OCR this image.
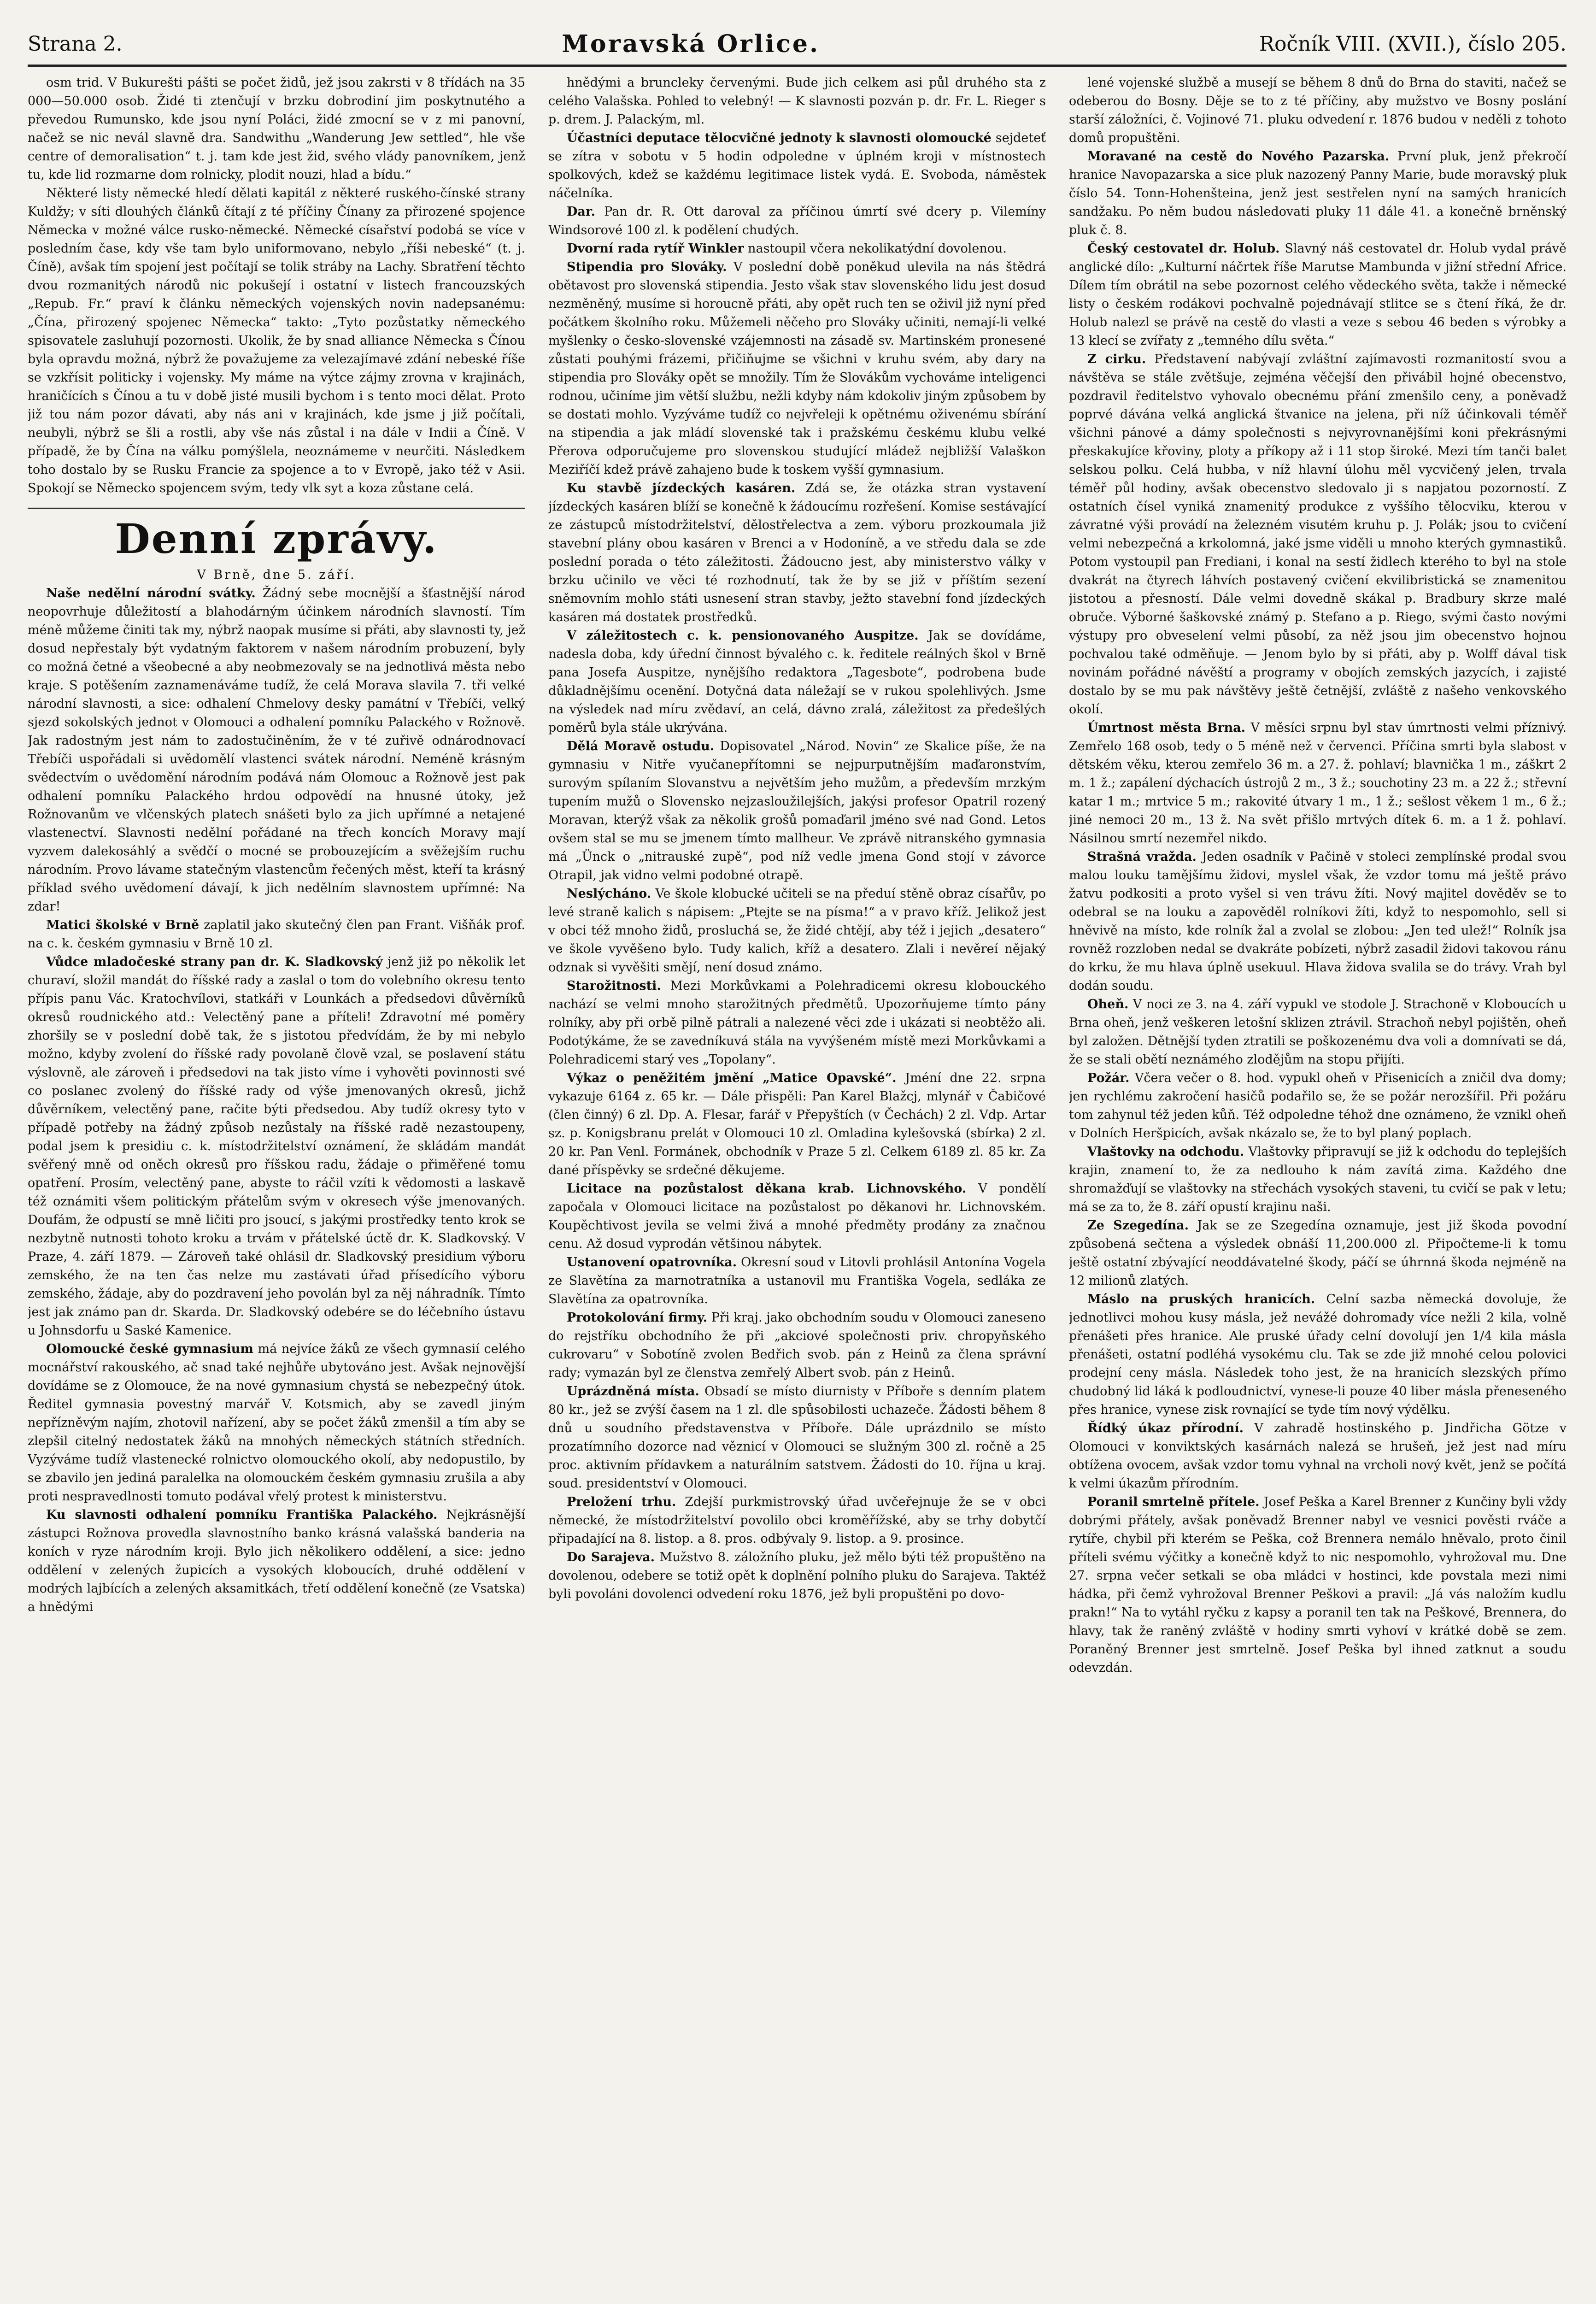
Strana 2.	Moravská Orlice.	Ročník VIII. (XVII.), číslo 205.

osm trid. V Bukurešti pášti se počet židů, jež jsou zakrsti v 8 třídách na 35 000—50.000 osob. Židé ti ztenčují v brzku dobrodiní jim poskytnutého a převedou Rumunsko, kde jsou nyní Poláci, židé zmocní se v z mi panovní, načež se nic nevál slavně dra. Sandwithu „Wanderung Jew settled“, hle vše centre of demoralisation“ t. j. tam kde jest žid, svého vlády panovníkem, jenž tu, kde lid rozmarne dom rolnicky, plodit nouzi, hlad a bídu.“

Některé listy německé hledí dělati kapitál z některé ruského-čínské strany Kuldžy; v síti dlouhých článků čítají z té příčiny Čínany za přirozené spojence Německa v možné válce rusko-německé. Německé císařství podobá se více v posledním čase, kdy vše tam bylo uniformovano, nebylo „říši nebeské“ (t. j. Číně), avšak tím spojení jest počítají se tolik stráby na Lachy. Sbratření těchto dvou rozmanitých národů nic pokušejí i ostatní v listech francouzských „Repub. Fr.“ praví k článku německých vojenských novin nadepsanému: „Čína, přirozený spojenec Německa“ takto: „Tyto pozůstatky německého spisovatele zasluhují pozornosti. Ukolik, že by snad alliance Německa s Čínou byla opravdu možná, nýbrž že považujeme za velezajímavé zdání nebeské říše se vzkřísit politicky i vojensky. My máme na výtce zájmy zrovna v krajinách, hraničících s Čínou a tu v době jisté musili bychom i s tento moci dělat. Proto již tou nám pozor dávati, aby nás ani v krajinách, kde jsme j již počítali, neubyli, nýbrž se šli a rostli, aby vše nás zůstal i na dále v Indii a Číně. V případě, že by Čína na válku pomýšlela, neoznámeme v neurčiti. Následkem toho dostalo by se Rusku Francie za spojence a to v Evropě, jako též v Asii. Spokojí se Německo spojencem svým, tedy vlk syt a koza zůstane celá.

Denní zprávy.

V Brně, dne 5. září.

Naše nedělní národní svátky. Žádný sebe mocnější a šťastnější národ neopovrhuje důležitostí a blahodárným účinkem národních slavností. Tím méně můžeme činiti tak my, nýbrž naopak musíme si přáti, aby slavnosti ty, jež dosud nepřestaly být vydatným faktorem v našem národním probuzení, byly co možná četné a všeobecné a aby neobmezovaly se na jednotlivá města nebo kraje. S potěšením zaznamenáváme tudíž, že celá Morava slavila 7. tři velké národní slavnosti, a sice: odhalení Chmelovy desky památní v Třebíči, velký sjezd sokolských jednot v Olomouci a odhalení pomníku Palackého v Rožnově. Jak radostným jest nám to zadostučiněním, že v té zuřivě odnárodnovací Třebíči uspořádali si uvědomělí vlastenci svátek národní. Neméně krásným svědectvím o uvědomění národním podává nám Olomouc a Rožnově jest pak odhalení pomníku Palackého hrdou odpovědí na hnusné útoky, jež Rožnovanům ve vlčenských platech snášeti bylo za jich upřímné a netajené vlastenectví. Slavnosti nedělní pořádané na třech koncích Moravy mají vyzvem dalekosáhlý a svědčí o mocné se probouzejícím a svěžejším ruchu národním. Provo lávame statečným vlastencům řečených měst, kteří ta krásný příklad svého uvědomení dávají, k jich nedělním slavnostem upřímné: Na zdar!

Matici školské v Brně zaplatil jako skutečný člen pan Frant. Višňák prof. na c. k. českém gymnasiu v Brně 10 zl.

Vůdce mladočeské strany pan dr. K. Sladkovský jenž již po několik let churaví, složil mandát do říšské rady a zaslal o tom do volebního okresu tento přípis panu Vác. Kratochvílovi, statkáři v Lounkách a předsedovi důvěrníků okresů roudnického atd.: Velectěný pane a příteli! Zdravotní mé poměry zhoršily se v poslední době tak, že s jistotou předvídám, že by mi nebylo možno, kdyby zvolení do říšské rady povolaně člově vzal, se poslavení státu výslovně, ale zároveň i předsedovi na tak jisto víme i vyhověti povinnosti své co poslanec zvolený do říšské rady od výše jmenovaných okresů, jichž důvěrníkem, velectěný pane, račite býti předsedou. Aby tudíž okresy tyto v případě potřeby na žádný způsob nezůstaly na říšské radě nezastoupeny, podal jsem k presidiu c. k. místodržitelství oznámení, že skládám mandát svěřený mně od oněch okresů pro říšskou radu, žádaje o přiměřené tomu opatření. Prosím, velectěný pane, abyste to ráčil vzíti k vědomosti a laskavě též oznámiti všem politickým přátelům svým v okresech výše jmenovaných. Doufám, že odpustí se mně ličiti pro jsoucí, s jakými prostředky tento krok se nezbytně nutnosti tohoto kroku a trvám v přátelské úctě dr. K. Sladkovský. V Praze, 4. září 1879. — Zároveň také ohlásil dr. Sladkovský presidium výboru zemského, že na ten čas nelze mu zastávati úřad přísedícího výboru zemského, žádaje, aby do pozdravení jeho povolán byl za něj náhradník. Tímto jest jak známo pan dr. Skarda. Dr. Sladkovský odebére se do léčebního ústavu u Johnsdorfu u Saské Kamenice.

Olomoucké české gymnasium má nejvíce žáků ze všech gymnasií celého mocnářství rakouského, ač snad také nejhůře ubytováno jest. Avšak nejnovější dovídáme se z Olomouce, že na nové gymnasium chystá se nebezpečný útok. Ředitel gymnasia povestný marvář V. Kotsmich, aby se zavedl jiným nepřízněvým najím, zhotovil nařízení, aby se počet žáků zmenšil a tím aby se zlepšil citelný nedostatek žáků na mnohých německých státních středních. Vyzýváme tudíž vlastenecké rolnictvo olomouckého okolí, aby nedopustilo, by se zbavilo jen jediná paralelka na olomouckém českém gymnasiu zrušila a aby proti nespravedlnosti tomuto podával vřelý protest k ministerstvu.

Ku slavnosti odhalení pomníku Františka Palackého. Nejkrásnější zástupci Rožnova provedla slavnostního banko krásná valašská banderia na koních v ryze národním kroji. Bylo jich několikero oddělení, a sice: jedno oddělení v zelených župicích a vysokých kloboucích, druhé oddělení v modrých lajbících a zelených aksamitkách, třetí oddělení konečně (ze Vsatska) a hnědými

hnědými a bruncleky červenými. Bude jich celkem asi půl druhého sta z celého Valašska. Pohled to velebný! — K slavnosti pozván p. dr. Fr. L. Rieger s p. drem. J. Palackým, ml.

Účastníci deputace tělocvičné jednoty k slavnosti olomoucké sejdeteť se zítra v sobotu v 5 hodin odpoledne v úplném kroji v místnostech spolkových, kdež se každému legitimace listek vydá. E. Svoboda, náměstek náčelníka.

Dar. Pan dr. R. Ott daroval za příčinou úmrtí své dcery p. Vilemíny Windsorové 100 zl. k podělení chudých.

Dvorní rada rytíř Winkler nastoupil včera nekolikatýdní dovolenou.

Stipendia pro Slováky. V poslední době poněkud ulevila na nás štědrá obětavost pro slovenská stipendia. Jesto však stav slovenského lidu jest dosud nezměněný, musíme si horoucně přáti, aby opět ruch ten se oživil již nyní před počátkem školního roku. Můžemeli něčeho pro Slováky učiniti, nemají-li velké myšlenky o česko-slovenské vzájemnosti na zásadě sv. Martinském pronesené zůstati pouhými frázemi, přičiňujme se všichni v kruhu svém, aby dary na stipendia pro Slováky opět se množily. Tím že Slovákům vychováme inteligenci rodnou, učiníme jim větší službu, nežli kdyby nám kdokoliv jiným způsobem by se dostati mohlo. Vyzýváme tudíž co nejvřeleji k opětnému oživenému sbírání na stipendia a jak mládí slovenské tak i pražskému českému klubu velké Přerova odporučujeme pro slovenskou studující mládež nejbližší Valaškon Meziříčí kdež právě zahajeno bude k toskem vyšší gymnasium.

Ku stavbě jízdeckých kasáren. Zdá se, že otázka stran vystavení jízdeckých kasáren blíží se konečně k žádoucímu rozřešení. Komise sestávající ze zástupců místodržitelství, dělostřelectva a zem. výboru prozkoumala již stavební plány obou kasáren v Brenci a v Hodoníně, a ve středu dala se zde poslední porada o této záležitosti. Žádoucno jest, aby ministerstvo války v brzku učinilo ve věci té rozhodnutí, tak že by se již v příštím sezení sněmovním mohlo státi usnesení stran stavby, ježto stavební fond jízdeckých kasáren má dostatek prostředků.

V záležitostech c. k. pensionovaného Auspitze. Jak se dovídáme, nadesla doba, kdy úřední činnost bývalého c. k. ředitele reálných škol v Brně pana Josefa Auspitze, nynějšího redaktora „Tagesbote“, podrobena bude důkladnějšímu ocenění. Dotyčná data náležají se v rukou spolehlivých. Jsme na výsledek nad míru zvědaví, an celá, dávno zralá, záležitost za předešlých poměrů byla stále ukrývána.

Dělá Moravě ostudu. Dopisovatel „Národ. Novin“ ze Skalice píše, že na gymnasiu v Nitře vyučanepřítomni se nejpurputnějším maďaronstvím, surovým spílaním Slovanstvu a největším jeho mužům, a především mrzkým tupením mužů o Slovensko nejzasloužilejších, jakýsi profesor Opatril rozený Moravan, kterýž však za několik grošů pomaďaril jméno své nad Gond. Letos ovšem stal se mu se jmenem tímto mallheur. Ve zprávě nitranského gymnasia má „Ünck o „nitrauské zupě“, pod níž vedle jmena Gond stojí v závorce Otrapil, jak vidno velmi podobné otrapě.

Neslýcháno. Ve škole klobucké učiteli se na předuí stěně obraz císařův, po levé straně kalich s nápisem: „Ptejte se na písma!“ a v pravo kříž. Jelikož jest v obci též mnoho židů, prosluchá se, že židé chtějí, aby též i jejich „desatero“ ve škole vyvěšeno bylo. Tudy kalich, kříž a desatero. Zlali i nevěreí nějaký odznak si vyvěšiti smějí, není dosud známo.

Starožitnosti. Mezi Morkůvkami a Polehradicemi okresu klobouckého nachází se velmi mnoho starožitných předmětů. Upozorňujeme tímto pány rolníky, aby při orbě pilně pátrali a nalezené věci zde i ukázati si neobtěžo ali. Podotýkáme, že se zavedníkuvá stála na vyvýšeném místě mezi Morkůvkami a Polehradicemi starý ves „Topolany“.

Výkaz o peněžitém jmění „Matice Opavské“. Jméní dne 22. srpna vykazuje 6164 z. 65 kr. — Dále přispěli: Pan Karel Blažcj, mlynář v Čabičové (člen činný) 6 zl. Dp. A. Flesar, farář v Přepyštích (v Čechách) 2 zl. Vdp. Artar sz. p. Konigsbranu prelát v Olomouci 10 zl. Omladina kylešovská (sbírka) 2 zl. 20 kr. Pan Venl. Formánek, obchodník v Praze 5 zl. Celkem 6189 zl. 85 kr. Za dané příspěvky se srdečné děkujeme.

Licitace na pozůstalost děkana krab. Lichnovského. V pondělí započala v Olomouci licitace na pozůstalost po děkanovi hr. Lichnovském. Koupěchtivost jevila se velmi živá a mnohé předměty prodány za značnou cenu. Až dosud vyprodán většinou nábytek.

Ustanovení opatrovníka. Okresní soud v Litovli prohlásil Antonína Vogela ze Slavětína za marnotratníka a ustanovil mu Františka Vogela, sedláka ze Slavětína za opatrovníka.

Protokolování firmy. Při kraj. jako obchodním soudu v Olomouci zaneseno do rejstříku obchodního že při „akciové společnosti priv. chropyňského cukrovaru“ v Sobotíně zvolen Bedřich svob. pán z Heinů za člena správní rady; vymazán byl ze členstva zemřelý Albert svob. pán z Heinů.

Uprázdněná místa. Obsadí se místo diurnisty v Příboře s denním platem 80 kr., jež se zvýší časem na 1 zl. dle spůsobilosti uchazeče. Žádosti během 8 dnů u soudního představenstva v Příboře. Dále uprázdnilo se místo prozatímního dozorce nad věznicí v Olomouci se služným 300 zl. ročně a 25 proc. aktivním přídavkem a naturálním satstvem. Žádosti do 10. října u kraj. soud. presidentství v Olomouci.

Preložení trhu. Zdejší purkmistrovský úřad uvčeřejnuje že se v obci německé, že místodržitelství povolilo obci kroměřížské, aby se trhy dobytčí připadající na 8. listop. a 8. pros. odbývaly 9. listop. a 9. prosince.

Do Sarajeva. Mužstvo 8. záložního pluku, jež mělo býti též propuštěno na dovolenou, odebere se totiž opět k doplnění polního pluku do Sarajeva. Taktéž byli povoláni dovolenci odvedení roku 1876, jež byli propuštěni po dovo-

lené vojenské službě a musejí se během 8 dnů do Brna do staviti, načež se odeberou do Bosny. Děje se to z té příčiny, aby mužstvo ve Bosny poslání starší záložníci, č. Vojinové 71. pluku odvedení r. 1876 budou v neděli z tohoto domů propuštěni.

Moravané na cestě do Nového Pazarska. První pluk, jenž překročí hranice Navopazarska a sice pluk nazozený Panny Marie, bude moravský pluk číslo 54. Tonn-Hohenšteina, jenž jest sestřelen nyní na samých hranicích sandžaku. Po něm budou následovati pluky 11 dále 41. a konečně brněnský pluk č. 8.

Český cestovatel dr. Holub. Slavný náš cestovatel dr. Holub vydal právě anglické dílo: „Kulturní náčrtek říše Marutse Mambunda v jižní střední Africe. Dílem tím obrátil na sebe pozornost celého vědeckého světa, takže i německé listy o českém rodákovi pochvalně pojednávají stlitce se s čtení říká, že dr. Holub nalezl se právě na cestě do vlasti a veze s sebou 46 beden s výrobky a 13 klecí se zvířaty z „temného dílu světa.“

Z cirku. Představení nabývají zvláštní zajímavosti rozmanitostí svou a návštěva se stále zvětšuje, zejména věčejší den přivábil hojné obecenstvo, pozdravil ředitelstvo vyhovalo obecnému přání zmenšilo ceny, a poněvadž poprvé dávána velká anglická štvanice na jelena, při níž účinkovali téměř všichni pánové a dámy společnosti s nejvyrovnanějšími koni překrásnými přeskakujíce křoviny, ploty a příkopy až i 11 stop široké. Mezi tím tanči balet selskou polku. Celá hubba, v níž hlavní úlohu měl vycvičený jelen, trvala téměř půl hodiny, avšak obecenstvo sledovalo ji s napjatou pozorností. Z ostatních čísel vyniká znamenitý produkce z vyššího tělocviku, kterou v závratné výši provádí na železném visutém kruhu p. J. Polák; jsou to cvičení velmi nebezpečná a krkolomná, jaké jsme viděli u mnoho kterých gymnastiků. Potom vystoupil pan Frediani, i konal na sestí židlech kterého to byl na stole dvakrát na čtyrech láhvích postavený cvičení ekvilibristická se znamenitou jistotou a přesností. Dále velmi dovedně skákal p. Bradbury skrze malé obruče. Výborné šaškovské známý p. Stefano a p. Riego, svými často novými výstupy pro obveselení velmi působí, za něž jsou jim obecenstvo hojnou pochvalou také odměňuje. — Jenom bylo by si přáti, aby p. Wolff dával tisk novinám pořádné návěští a programy v obojích zemských jazycích, i zajisté dostalo by se mu pak návštěvy ještě četnější, zvláště z našeho venkovského okolí.

Úmrtnost města Brna. V měsíci srpnu byl stav úmrtnosti velmi příznivý. Zemřelo 168 osob, tedy o 5 méně než v červenci. Příčina smrti byla slabost v dětském věku, kterou zemřelo 36 m. a 27. ž. pohlaví; blavnička 1 m., záškrt 2 m. 1 ž.; zapálení dýchacích ústrojů 2 m., 3 ž.; souchotiny 23 m. a 22 ž.; střevní katar 1 m.; mrtvice 5 m.; rakovité útvary 1 m., 1 ž.; sešlost věkem 1 m., 6 ž.; jiné nemoci 20 m., 13 ž. Na svět přišlo mrtvých dítek 6. m. a 1 ž. pohlaví. Násilnou smrtí nezemřel nikdo.

Strašná vražda. Jeden osadník v Pačině v stoleci zemplínské prodal svou malou louku tamějšímu židovi, myslel však, že vzdor tomu má ještě právo žatvu podkositi a proto vyšel si ven trávu žíti. Nový majitel dověděv se to odebral se na louku a zapověděl rolníkovi žíti, když to nespomohlo, sell si hněvivě na místo, kde rolník žal a zvolal se zlobou: „Jen ted ulež!“ Rolník jsa rovněž rozzloben nedal se dvakráte pobízeti, nýbrž zasadil židovi takovou ránu do krku, že mu hlava úplně usekuul. Hlava židova svalila se do trávy. Vrah byl dodán soudu.

Oheň. V noci ze 3. na 4. září vypukl ve stodole J. Strachoně v Kloboucích u Brna oheň, jenž veškeren letošní sklizen ztrávil. Strachoň nebyl pojištěn, oheň byl založen. Dětnější tyden ztratili se poškozenému dva voli a domnívati se dá, že se stali obětí neznámého zlodějům na stopu přijíti.

Požár. Včera večer o 8. hod. vypukl oheň v Přisenicích a zničil dva domy; jen rychlému zakročení hasičů podařilo se, že se požár nerozšířil. Při požáru tom zahynul též jeden kůň. Též odpoledne téhož dne oznámeno, že vznikl oheň v Dolních Heršpicích, avšak nkázalo se, že to byl planý poplach.

Vlaštovky na odchodu. Vlaštovky připravují se již k odchodu do teplejších krajin, znamení to, že za nedlouho k nám zavítá zima. Každého dne shromažďují se vlaštovky na střechách vysokých staveni, tu cvičí se pak v letu; má se za to, že 8. září opustí krajinu naši.

Ze Szegedína. Jak se ze Szegedína oznamuje, jest již škoda povodní způsobená sečtena a výsledek obnáší 11,200.000 zl. Připočteme-li k tomu ještě ostatní zbývající neoddávatelné škody, páčí se úhrnná škoda nejméně na 12 milionů zlatých.

Máslo na pruských hranicích. Celní sazba německá dovoluje, že jednotlivci mohou kusy másla, jež nevážé dohromady více nežli 2 kila, volně přenášeti přes hranice. Ale pruské úřady celní dovolují jen 1/4 kila másla přenášeti, ostatní podléhá vysokému clu. Tak se zde již mnohé celou polovici prodejní ceny másla. Následek toho jest, že na hranicích slezských přímo chudobný lid láká k podloudnictví, vynese-li pouze 40 liber másla přeneseného přes hranice, vynese zisk rovnající se tyde tím nový výdělku.

Řídký úkaz přírodní. V zahradě hostinského p. Jindřicha Götze v Olomouci v konviktských kasárnách nalezá se hrušeň, jež jest nad míru obtížena ovocem, avšak vzdor tomu vyhnal na vrcholi nový květ, jenž se počítá k velmi úkazům přírodním.

Poranil smrtelně přítele. Josef Peška a Karel Brenner z Kunčiny byli vždy dobrými přátely, avšak poněvadž Brenner nabyl ve vesnici pověsti rváče a rytíře, chybil při kterém se Peška, což Brennera nemálo hněvalo, proto činil příteli svému výčitky a konečně když to nic nespomohlo, vyhrožoval mu. Dne 27. srpna večer setkali se oba mládci v hostinci, kde povstala mezi nimi hádka, při čemž vyhrožoval Brenner Peškovi a pravil: „Já vás naložím kudlu prakn!“ Na to vytáhl ryčku z kapsy a poranil ten tak na Peškové, Brennera, do hlavy, tak že raněný zvláště v hodiny smrti vyhoví v krátké době se zem. Poraněný Brenner jest smrtelně. Josef Peška byl ihned zatknut a soudu odevzdán.
